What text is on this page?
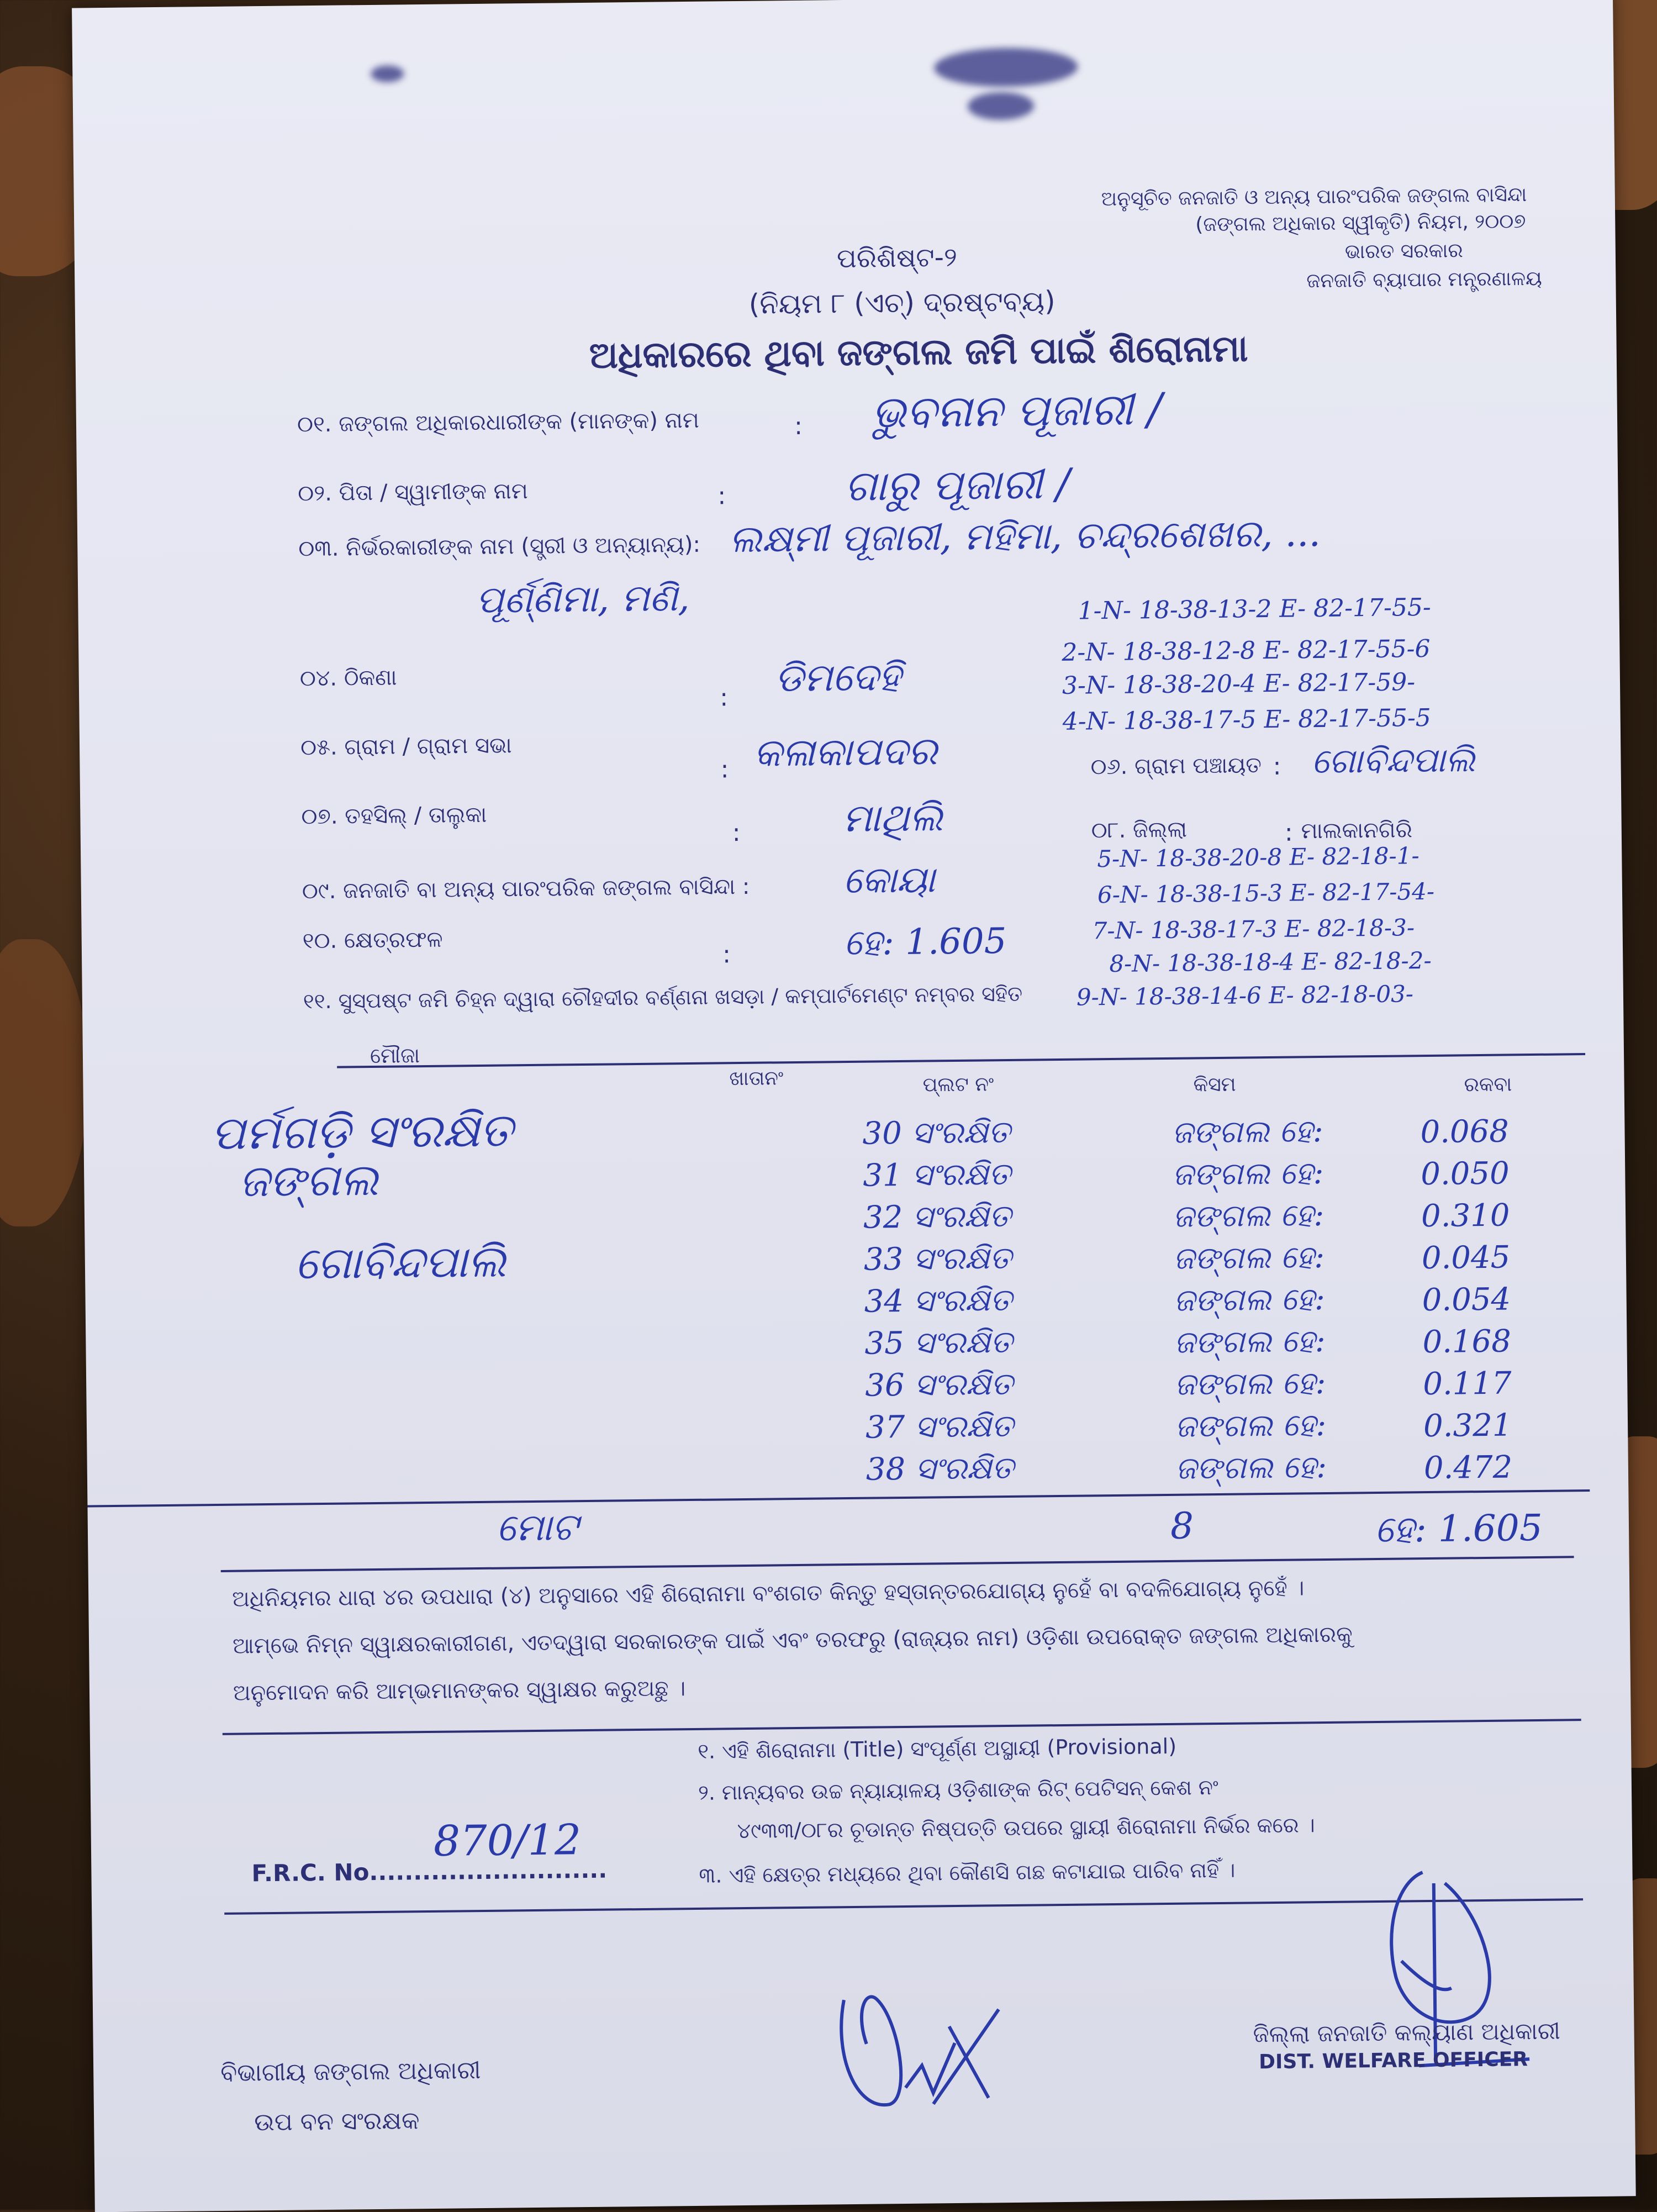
ଅନୁସୂଚିତ ଜନଜାତି ଓ ଅନ୍ୟ ପାରଂପରିକ ଜଙ୍ଗଲ ବାସିନ୍ଦା
(ଜଙ୍ଗଲ ଅଧିକାର ସ୍ୱୀକୃତି) ନିୟମ, ୨୦୦୭
ଭାରତ ସରକାର
ଜନଜାତି ବ୍ୟାପାର ମନ୍ତ୍ରଣାଳୟ
ପରିଶିଷ୍ଟ-୨
(ନିୟମ ୮ (ଏଚ୍) ଦ୍ରଷ୍ଟବ୍ୟ)
ଅଧିକାରରେ ଥିବା ଜଙ୍ଗଲ ଜମି ପାଇଁ ଶିରୋନାମା
୦୧. ଜଙ୍ଗଲ ଅଧିକାରଧାରୀଙ୍କ (ମାନଙ୍କ) ନାମ	: ଭୁବନାନ ପୂଜାରୀ /
୦୨. ପିତା / ସ୍ୱାମୀଙ୍କ ନାମ	:	ଗାରୁ ପୂଜାରୀ /
୦୩. ନିର୍ଭରକାରୀଙ୍କ ନାମ (ସ୍ତ୍ରୀ ଓ ଅନ୍ୟାନ୍ୟ): ଲକ୍ଷ୍ମୀ ପୂଜାରୀ, ମହିମା, ଚନ୍ଦ୍ରଶେଖର, ...
ପୂର୍ଣ୍ଣିମା, ମଣି,
୦୪. ଠିକଣା
: ଡିମଦେହି
୦୫. ଗ୍ରାମ / ଗ୍ରାମ ସଭା
: କଳାକାପଦର	୦୬. ଗ୍ରାମ ପଞ୍ଚାୟତ : ଗୋବିନ୍ଦପାଲି
୦୭. ତହସିଲ୍ / ତାଲୁକା
:	ମାଥିଲି	୦୮. ଜିଲ୍ଲା	: ମାଲକାନଗିରି
୦୯. ଜନଜାତି ବା ଅନ୍ୟ ପାରଂପରିକ ଜଙ୍ଗଲ ବାସିନ୍ଦା :	କୋୟା
୧୦. କ୍ଷେତ୍ରଫଳ
:	ହେ: 1.605
1-N- 18-38-13-2 E- 82-17-55-
2-N- 18-38-12-8 E- 82-17-55-6
3-N- 18-38-20-4 E- 82-17-59-
4-N- 18-38-17-5 E- 82-17-55-5
5-N- 18-38-20-8 E- 82-18-1-
6-N- 18-38-15-3 E- 82-17-54-
7-N- 18-38-17-3 E- 82-18-3-
8-N- 18-38-18-4 E- 82-18-2-
9-N- 18-38-14-6 E- 82-18-03-
୧୧. ସୁସ୍ପଷ୍ଟ ଜମି ଚିହ୍ନ ଦ୍ୱାରା ଚୌହଦୀର ବର୍ଣ୍ଣନା ଖସଡ଼ା / କମ୍ପାର୍ଟମେଣ୍ଟ ନମ୍ବର ସହିତ
ମୌଜା
ଖାତାନଂ	ପ୍ଲଟ ନଂ	କିସମ	ରକବା
ପର୍ମଗଡ଼ି ସଂରକ୍ଷିତ
ଜଙ୍ଗଲ
ଗୋବିନ୍ଦପାଲି
30 ସଂରକ୍ଷିତ	ଜଙ୍ଗଲ ହେ:	0.068
31 ସଂରକ୍ଷିତ	ଜଙ୍ଗଲ ହେ:	0.050
32 ସଂରକ୍ଷିତ	ଜଙ୍ଗଲ ହେ:	0.310
33 ସଂରକ୍ଷିତ	ଜଙ୍ଗଲ ହେ:	0.045
34 ସଂରକ୍ଷିତ	ଜଙ୍ଗଲ ହେ:	0.054
35 ସଂରକ୍ଷିତ	ଜଙ୍ଗଲ ହେ:	0.168
36 ସଂରକ୍ଷିତ	ଜଙ୍ଗଲ ହେ:	0.117
37 ସଂରକ୍ଷିତ	ଜଙ୍ଗଲ ହେ:	0.321
38 ସଂରକ୍ଷିତ	ଜଙ୍ଗଲ ହେ:	0.472
ମୋଟ	8	ହେ: 1.605
ଅଧିନିୟମର ଧାରା ୪ର ଉପଧାରା (୪) ଅନୁସାରେ ଏହି ଶିରୋନାମା ବଂଶଗତ କିନ୍ତୁ ହସ୍ତାନ୍ତରଯୋଗ୍ୟ ନୁହେଁ ବା ବଦଳିଯୋଗ୍ୟ ନୁହେଁ ।
ଆମ୍ଭେ ନିମ୍ନ ସ୍ୱାକ୍ଷରକାରୀଗଣ, ଏତଦ୍ୱାରା ସରକାରଙ୍କ ପାଇଁ ଏବଂ ତରଫରୁ (ରାଜ୍ୟର ନାମ) ଓଡ଼ିଶା ଉପରୋକ୍ତ ଜଙ୍ଗଲ ଅଧିକାରକୁ
ଅନୁମୋଦନ କରି ଆମ୍ଭମାନଙ୍କର ସ୍ୱାକ୍ଷର କରୁଅଛୁ ।
୧. ଏହି ଶିରୋନାମା (Title) ସଂପୂର୍ଣ୍ଣ ଅସ୍ଥାୟୀ (Provisional)
୨. ମାନ୍ୟବର ଉଚ୍ଚ ନ୍ୟାୟାଳୟ ଓଡ଼ିଶାଙ୍କ ରିଟ୍ ପେଟିସନ୍ କେଶ ନଂ
୪୯୩୩/୦୮ର ଚୂଡାନ୍ତ ନିଷ୍ପତ୍ତି ଉପରେ ସ୍ଥାୟୀ ଶିରୋନାମା ନିର୍ଭର କରେ ।
୩. ଏହି କ୍ଷେତ୍ର ମଧ୍ୟରେ ଥିବା କୌଣସି ଗଛ କଟାଯାଇ ପାରିବ ନାହିଁ ।
F.R.C. No...........................
870/12
ବିଭାଗୀୟ ଜଙ୍ଗଲ ଅଧିକାରୀ
ଉପ ବନ ସଂରକ୍ଷକ
ଜିଲ୍ଲା ଜନଜାତି କଲ୍ୟାଣ ଅଧିକାରୀ
DIST. WELFARE OFFICER
